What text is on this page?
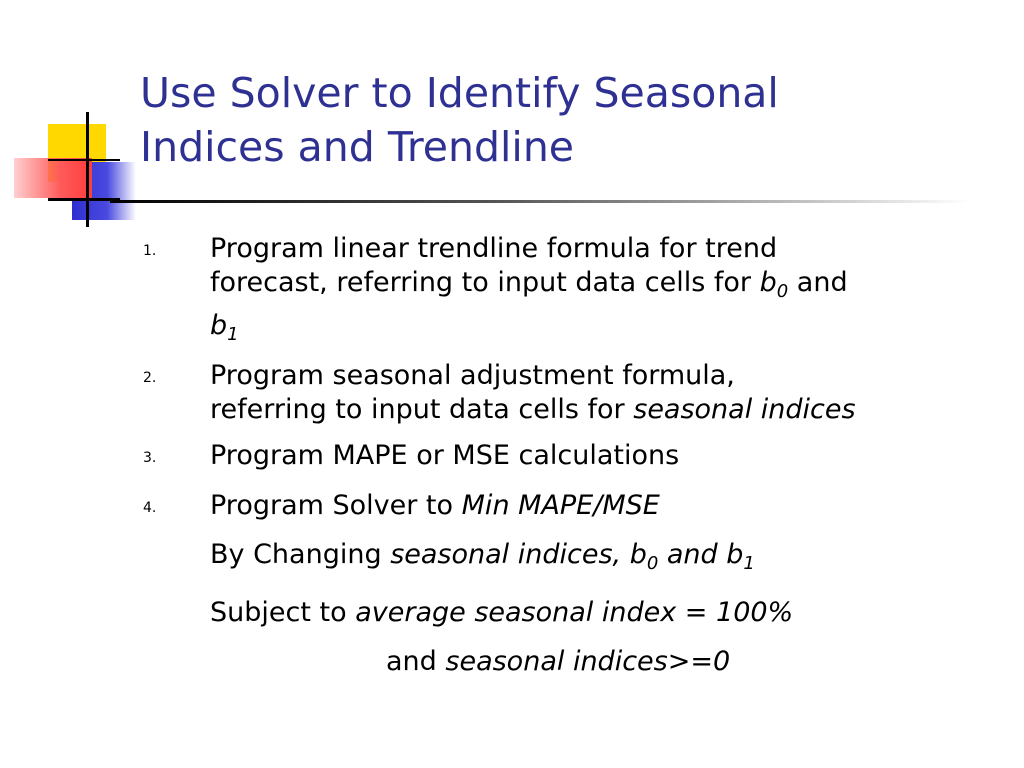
Use Solver to Identify Seasonal
Indices and Trendline
1. Program linear trendline formula for trend
forecast, referring to input data cells for $b_0$ and
$b_1$
2. Program seasonal adjustment formula,
referring to input data cells for seasonal indices
3. Program MAPE or MSE calculations
4. Program Solver to Min MAPE/MSE
By Changing seasonal indices, $b_0$ and $b_1$
Subject to average seasonal index = 100%
and seasonal indices>=0
